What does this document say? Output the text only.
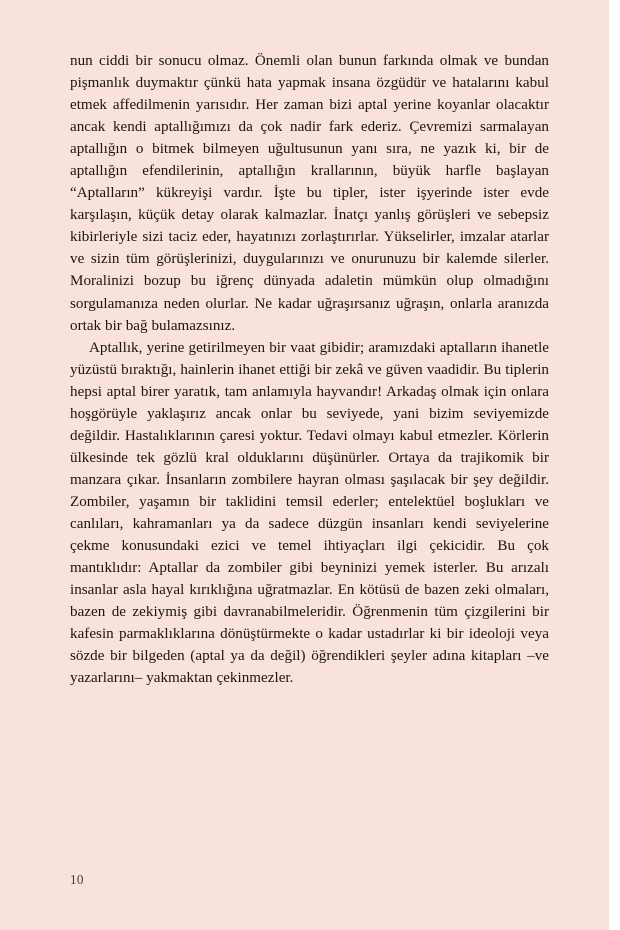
nun ciddi bir sonucu olmaz. Önemli olan bunun farkında olmak ve bundan pişmanlık duymaktır çünkü hata yapmak insana özgüdür ve hatalarını kabul etmek affedilmenin yarısıdır. Her zaman bizi aptal yerine koyanlar olacaktır ancak kendi aptallığımızı da çok nadir fark ederiz. Çevremizi sarmalayan aptallığın o bitmek bilmeyen uğultusunun yanı sıra, ne yazık ki, bir de aptallığın efendilerinin, aptallığın krallarının, büyük harfle başlayan “Aptalların” kükreyişi vardır. İşte bu tipler, ister işyerinde ister evde karşılaşın, küçük detay olarak kalmazlar. İnatçı yanlış görüşleri ve sebepsiz kibirleriyle sizi taciz eder, hayatınızı zorlaştırırlar. Yükselirler, imzalar atarlar ve sizin tüm görüşlerinizi, duygularınızı ve onurunuzu bir kalemde silerler. Moralinizi bozup bu iğrenç dünyada adaletin mümkün olup olmadığını sorgulamanıza neden olurlar. Ne kadar uğraşırsanız uğraşın, onlarla aranızda ortak bir bağ bulamazsınız.

Aptallık, yerine getirilmeyen bir vaat gibidir; aramızdaki aptalların ihanetle yüzüstü bıraktığı, hainlerin ihanet ettiği bir zekâ ve güven vaadidir. Bu tiplerin hepsi aptal birer yaratık, tam anlamıyla hayvandır! Arkadaş olmak için onlara hoşgörüyle yaklaşırız ancak onlar bu seviyede, yani bizim seviyemizde değildir. Hastalıklarının çaresi yoktur. Tedavi olmayı kabul etmezler. Körlerin ülkesinde tek gözlü kral olduklarını düşünürler. Ortaya da trajikomik bir manzara çıkar. İnsanların zombilere hayran olması şaşılacak bir şey değildir. Zombiler, yaşamın bir taklidini temsil ederler; entelektüel boşlukları ve canlıları, kahramanları ya da sadece düzgün insanları kendi seviyelerine çekme konusundaki ezici ve temel ihtiyaçları ilgi çekicidir. Bu çok mantıklıdır: Aptallar da zombiler gibi beyninizi yemek isterler. Bu arızalı insanlar asla hayal kırıklığına uğratmazlar. En kötüsü de bazen zeki olmaları, bazen de zekiymiş gibi davranabilmeleridir. Öğrenmenin tüm çizgilerini bir kafesin parmaklıklarına dönüştürmekte o kadar ustadırlar ki bir ideoloji veya sözde bir bilgeden (aptal ya da değil) öğrendikleri şeyler adına kitapları –ve yazarlarını– yakmaktan çekinmezler.

10
